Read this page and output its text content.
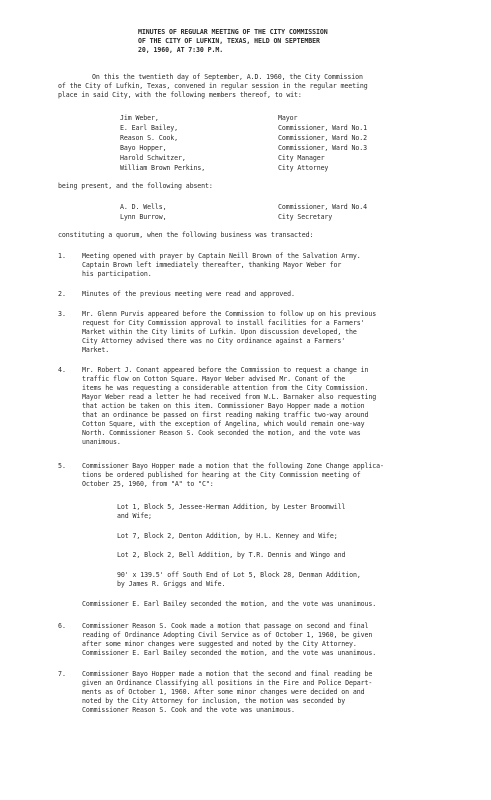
MINUTES OF REGULAR MEETING OF THE CITY COMMISSION
OF THE CITY OF LUFKIN, TEXAS, HELD ON SEPTEMBER
20, 1960, AT 7:30 P.M.
On this the twentieth day of September, A.D. 1960, the City Commission
of the City of Lufkin, Texas, convened in regular session in the regular meeting
place in said City, with the following members thereof, to wit:
Jim Weber,	Mayor
E. Earl Bailey,	Commissioner, Ward No.1
Reason S. Cook,	Commissioner, Ward No.2
Bayo Hopper,	Commissioner, Ward No.3
Harold Schwitzer,	City Manager
William Brown Perkins,	City Attorney
being present, and the following absent:
A. D. Wells,	Commissioner, Ward No.4
Lynn Burrow,	City Secretary
constituting a quorum, when the following business was transacted:
1. Meeting opened with prayer by Captain Neill Brown of the Salvation Army.
Captain Brown left immediately thereafter, thanking Mayor Weber for
his participation.
2. Minutes of the previous meeting were read and approved.
3. Mr. Glenn Purvis appeared before the Commission to follow up on his previous
request for City Commission approval to install facilities for a Farmers'
Market within the City limits of Lufkin. Upon discussion developed, the
City Attorney advised there was no City ordinance against a Farmers'
Market.
4. Mr. Robert J. Conant appeared before the Commission to request a change in
traffic flow on Cotton Square. Mayor Weber advised Mr. Conant of the
items he was requesting a considerable attention from the City Commission.
Mayor Weber read a letter he had received from W.L. Barnaker also requesting
that action be taken on this item. Commissioner Bayo Hopper made a motion
that an ordinance be passed on first reading making traffic two-way around
Cotton Square, with the exception of Angelina, which would remain one-way
North. Commissioner Reason S. Cook seconded the motion, and the vote was
unanimous.
5. Commissioner Bayo Hopper made a motion that the following Zone Change applica-
tions be ordered published for hearing at the City Commission meeting of
October 25, 1960, from "A" to "C":
Lot 1, Block 5, Jessee-Herman Addition, by Lester Broomwill
and Wife;
Lot 7, Block 2, Denton Addition, by H.L. Kenney and Wife;
Lot 2, Block 2, Bell Addition, by T.R. Dennis and Wingo and
90' x 139.5' off South End of Lot 5, Block 28, Denman Addition,
by James R. Griggs and Wife.
Commissioner E. Earl Bailey seconded the motion, and the vote was unanimous.
6. Commissioner Reason S. Cook made a motion that passage on second and final
reading of Ordinance Adopting Civil Service as of October 1, 1960, be given
after some minor changes were suggested and noted by the City Attorney.
Commissioner E. Earl Bailey seconded the motion, and the vote was unanimous.
7. Commissioner Bayo Hopper made a motion that the second and final reading be
given an Ordinance Classifying all positions in the Fire and Police Depart-
ments as of October 1, 1960. After some minor changes were decided on and
noted by the City Attorney for inclusion, the motion was seconded by
Commissioner Reason S. Cook and the vote was unanimous.
